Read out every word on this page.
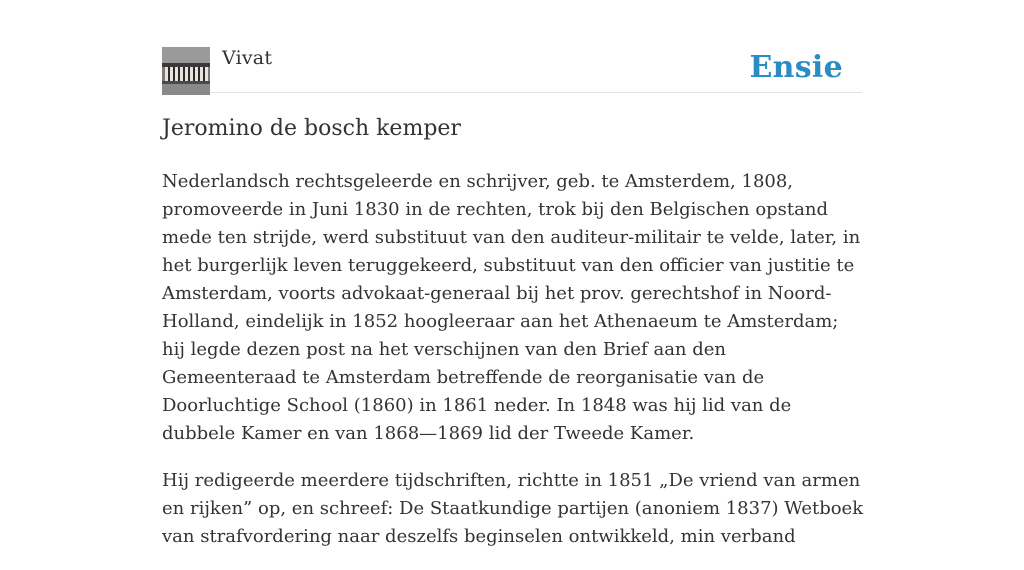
Vivat	Ensie
Jeromino de bosch kemper

Nederlandsch rechtsgeleerde en schrijver, geb. te Amsterdem, 1808, promoveerde in Juni 1830 in de rechten, trok bij den Belgischen opstand mede ten strijde, werd substituut van den auditeur-militair te velde, later, in het burgerlijk leven teruggekeerd, substituut van den officier van justitie te Amsterdam, voorts advokaat-generaal bij het prov. gerechtshof in Noord-Holland, eindelijk in 1852 hoogleeraar aan het Athenaeum te Amsterdam; hij legde dezen post na het verschijnen van den Brief aan den Gemeenteraad te Amsterdam betreffende de reorganisatie van de Doorluchtige School (1860) in 1861 neder. In 1848 was hij lid van de dubbele Kamer en van 1868—1869 lid der Tweede Kamer.

Hij redigeerde meerdere tijdschriften, richtte in 1851 „De vriend van armen en rijken” op, en schreef: De Staatkundige partijen (anoniem 1837) Wetboek van strafvordering naar deszelfs beginselen ontwikkeld, min verband
